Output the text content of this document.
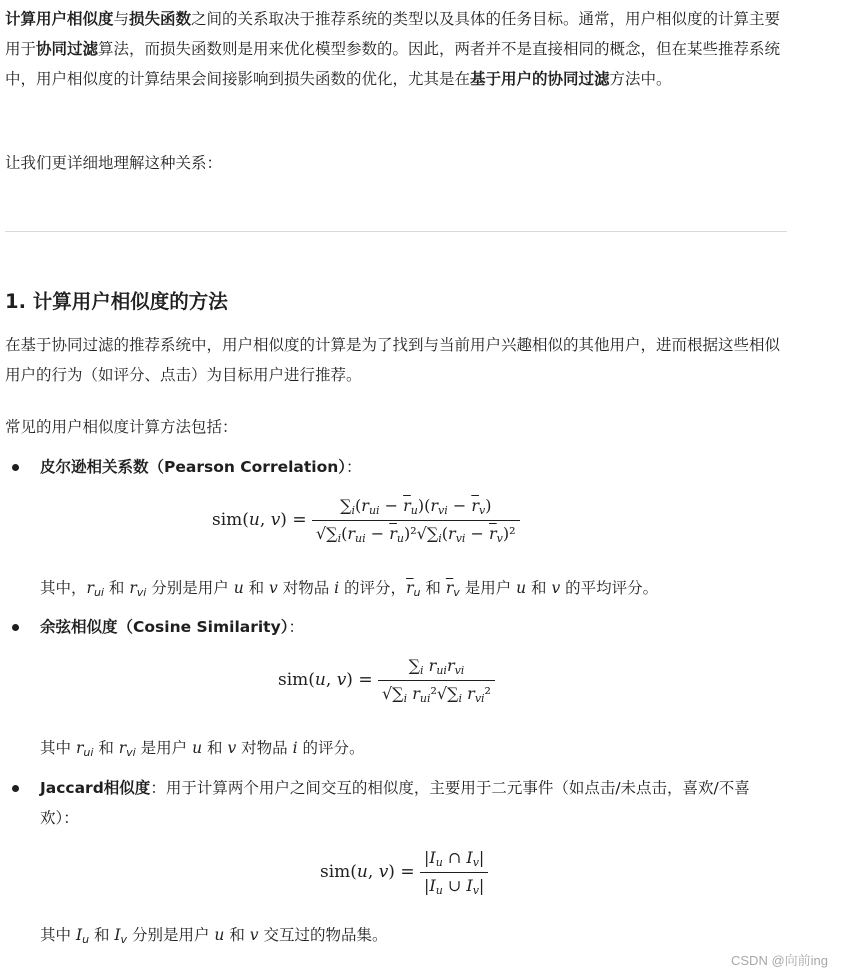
计算用户相似度与损失函数之间的关系取决于推荐系统的类型以及具体的任务目标。通常，用户相似度的计算主要用于协同过滤算法，而损失函数则是用来优化模型参数的。因此，两者并不是直接相同的概念，但在某些推荐系统中，用户相似度的计算结果会间接影响到损失函数的优化，尤其是在基于用户的协同过滤方法中。

让我们更详细地理解这种关系：

1. 计算用户相似度的方法

在基于协同过滤的推荐系统中，用户相似度的计算是为了找到与当前用户兴趣相似的其他用户，进而根据这些相似用户的行为（如评分、点击）为目标用户进行推荐。

常见的用户相似度计算方法包括：

皮尔逊相关系数（Pearson Correlation）：

sim(u, $v) = \frac{\sum_i(r_{ui} - \overline{r}_u)(r_{vi} - \overline{r}_v)}{√\sum_i(r_{ui} - \overline{r}_u)^2√\sum_i(r_{vi} - \overline{r}_v)^2}$

其中，$r_{ui}$ 和 $r_{vi}$ 分别是用户 u 和 v 对物品 i 的评分，$\overline{r}_u$ 和 $\overline{r}_v$ 是用户 u 和 v 的平均评分。

余弦相似度（Cosine Similarity）：

sim(u, $v) = \frac{\sum_i r_{ui}r_{vi}}{√\sum_i r_{ui}^2√\sum_i r_{vi}^2}$

其中 $r_{ui}$ 和 $r_{vi}$ 是用户 u 和 v 对物品 i 的评分。

Jaccard相似度：用于计算两个用户之间交互的相似度，主要用于二元事件（如点击/未点击，喜欢/不喜欢）：

sim(u, $v) = \frac{|I_u \cap I_v|}{|I_u \cup I_v|}$

其中 $I_u$ 和 $I_v$ 分别是用户 u 和 v 交互过的物品集。

CSDN @向前ing
